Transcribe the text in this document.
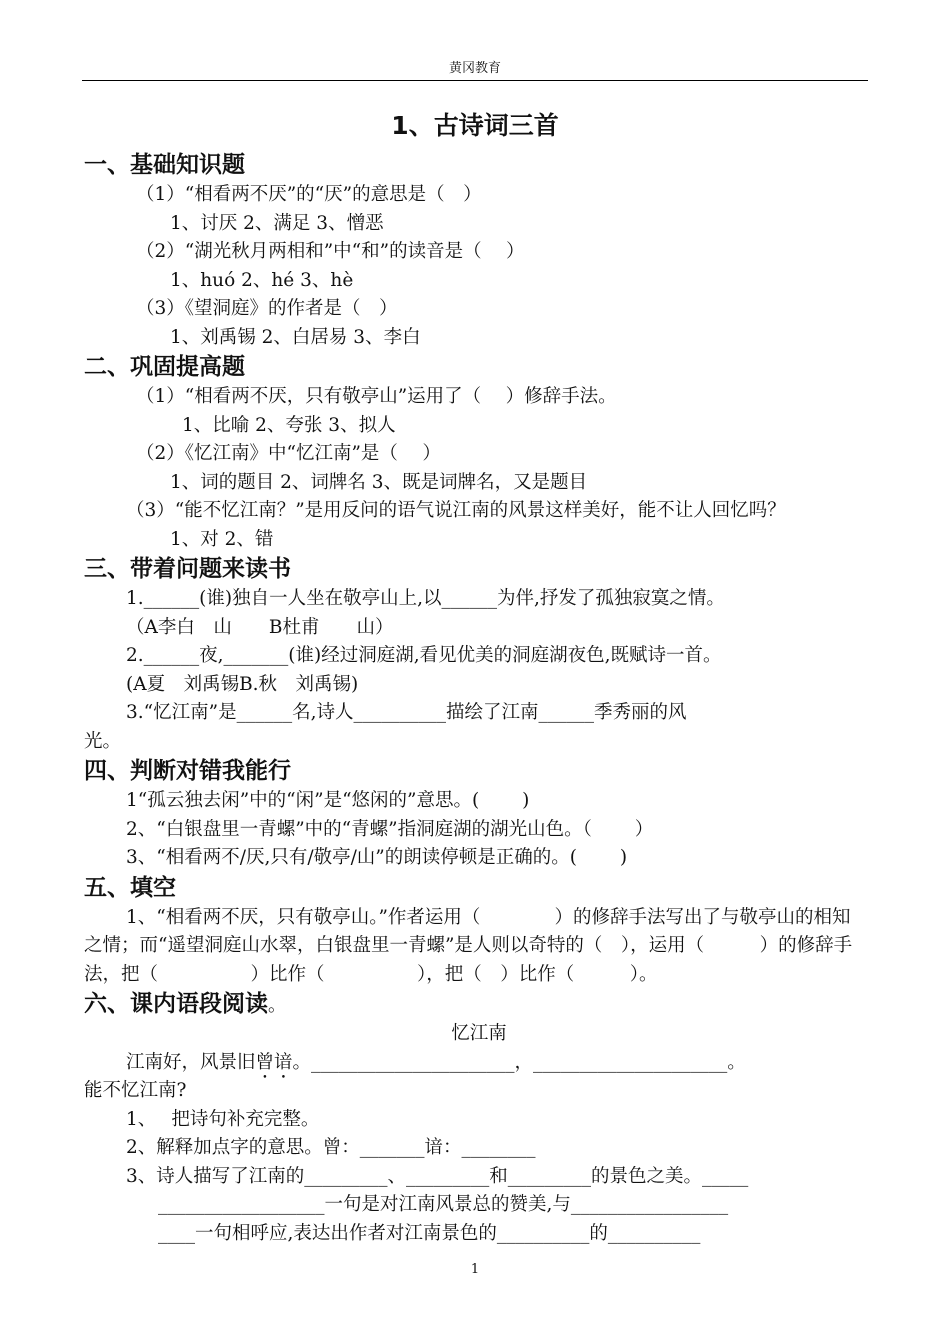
黄冈教育
1、古诗词三首
一、基础知识题
（1）“相看两不厌”的“厌”的意思是（　）
1、讨厌 2、满足 3、憎恶
（2）“湖光秋月两相和”中“和”的读音是（　 ）
1、huó 2、hé 3、hè
（3）《望洞庭》的作者是（　）
1、刘禹锡 2、白居易 3、李白
二、巩固提高题
（1）“相看两不厌，只有敬亭山”运用了（　 ）修辞手法。
1、比喻 2、夸张 3、拟人
（2）《忆江南》中“忆江南”是（　 ）
1、词的题目 2、词牌名 3、既是词牌名，又是题目
（3）“能不忆江南？”是用反问的语气说江南的风景这样美好，能不让人回忆吗？
1、对 2、错
三、带着问题来读书
1.______(谁)独自一人坐在敬亭山上,以______为伴,抒发了孤独寂寞之情。
（A李白　山　　B杜甫　　山）
2.______夜,_______(谁)经过洞庭湖,看见优美的洞庭湖夜色,既赋诗一首。
(A夏　刘禹锡B.秋　刘禹锡)
3.“忆江南”是______名,诗人__________描绘了江南______季秀丽的风
光。
四、判断对错我能行
1“孤云独去闲”中的“闲”是“悠闲的”意思。(　　 )
2、“白银盘里一青螺”中的“青螺”指洞庭湖的湖光山色。（　　 ）
3、“相看两不/厌,只有/敬亭/山”的朗读停顿是正确的。(　　 )
五、填空
1、“相看两不厌，只有敬亭山。”作者运用（　　　　）的修辞手法写出了与敬亭山的相知之情；而“遥望洞庭山水翠，白银盘里一青螺”是人则以奇特的（　），运用（　　　）的修辞手法，把（　　　　　）比作（　　　　　），把（　）比作（　　　）。
六、课内语段阅读。
忆江南
江南好，风景旧曾谙。______________________，_____________________。
能不忆江南?
1、　 把诗句补充完整。
2、解释加点字的意思。曾：_______谙：________
3、诗人描写了江南的_________、_________和_________的景色之美。_____
__________________一句是对江南风景总的赞美,与_________________
____一句相呼应,表达出作者对江南景色的__________的__________
1
